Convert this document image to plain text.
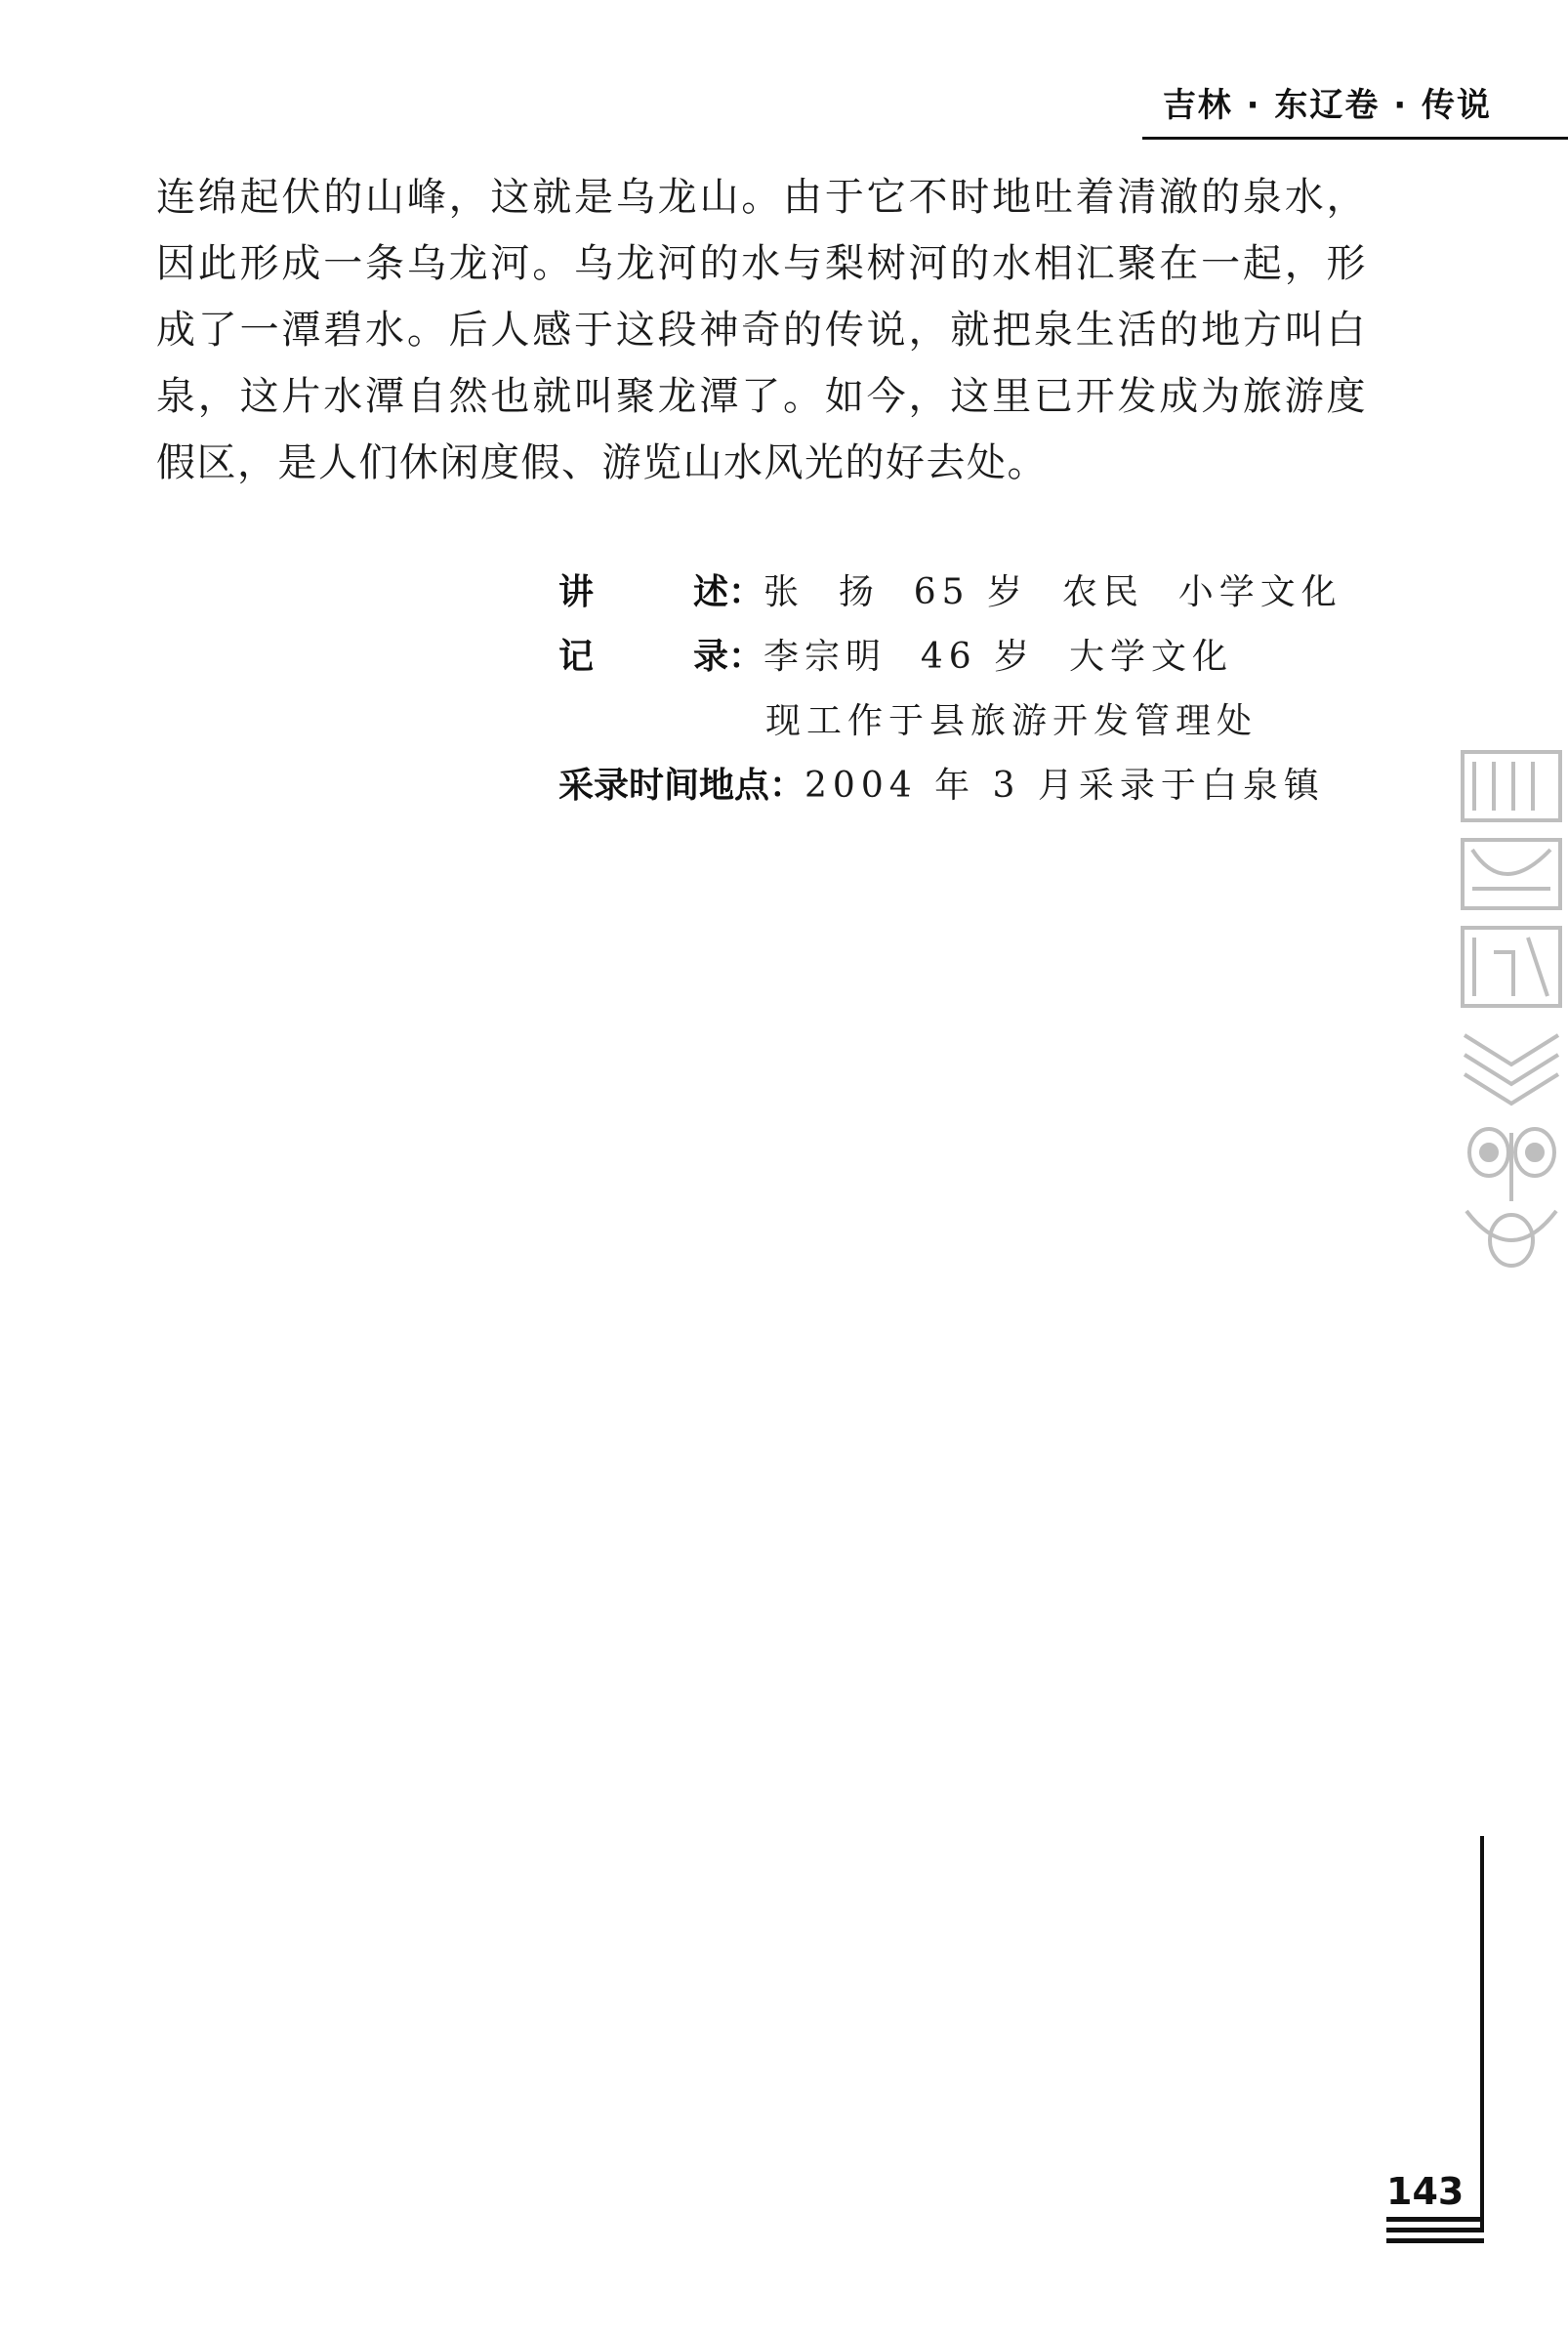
吉林 · 东辽卷 · 传说

连绵起伏的山峰，这就是乌龙山。由于它不时地吐着清澈的泉水，因此形成一条乌龙河。乌龙河的水与梨树河的水相汇聚在一起，形成了一潭碧水。后人感于这段神奇的传说，就把泉生活的地方叫白泉，这片水潭自然也就叫聚龙潭了。如今，这里已开发成为旅游度假区，是人们休闲度假、游览山水风光的好去处。

讲	述： 张  扬  65 岁  农民  小学文化
记	录： 李宗明  46 岁  大学文化
现工作于县旅游开发管理处
采录时间地点： 2004 年 3 月采录于白泉镇
143
